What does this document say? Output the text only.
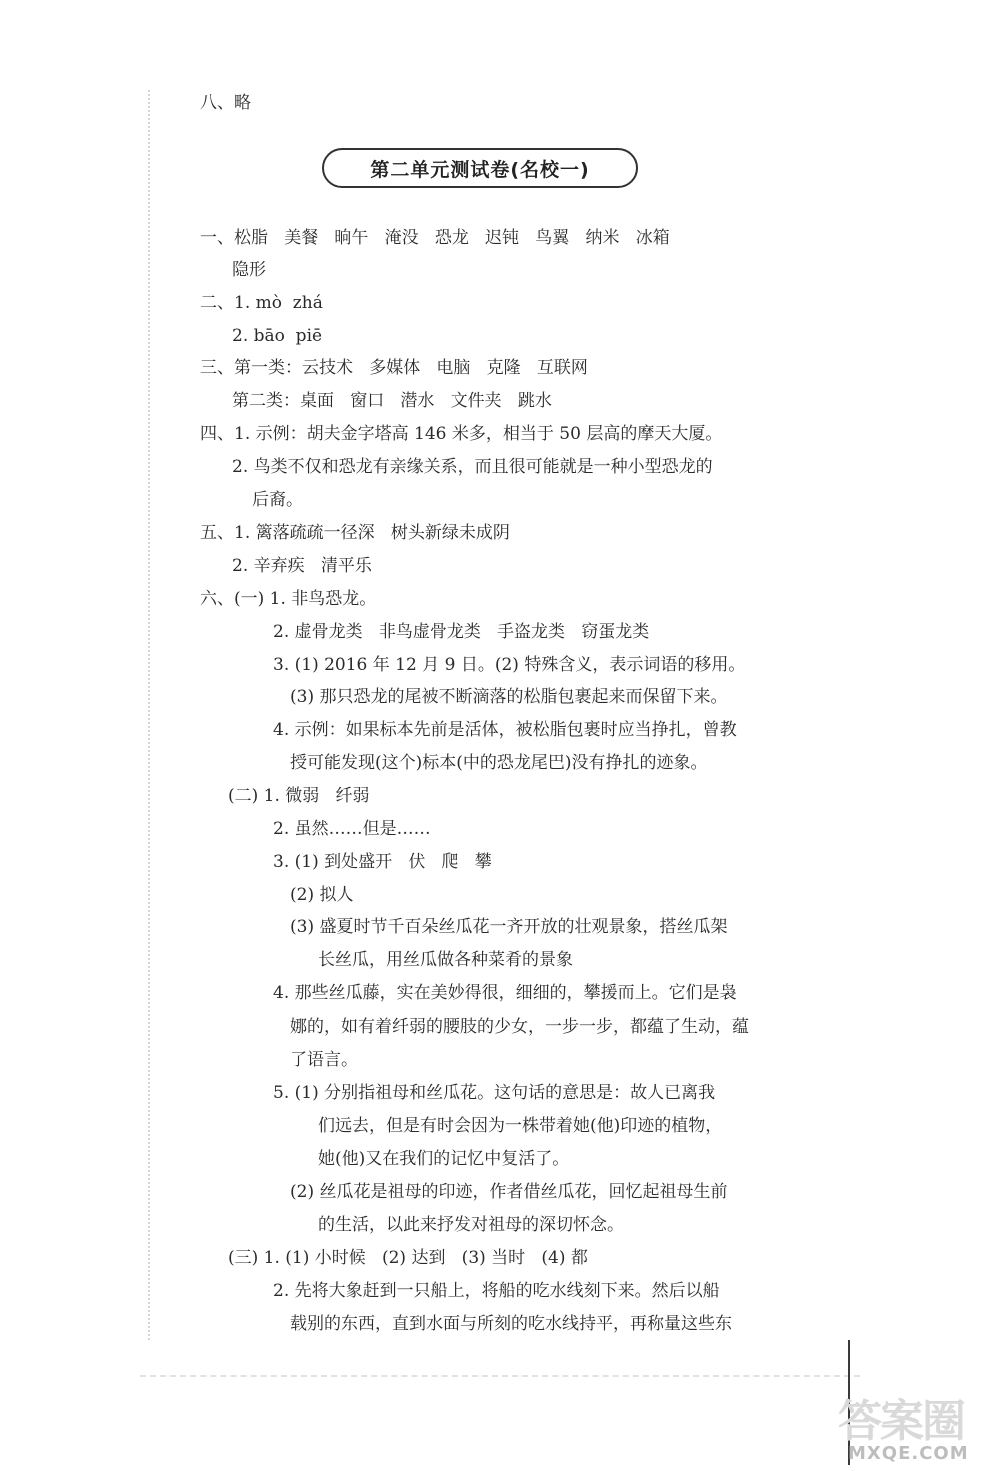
八、略
第二单元测试卷(名校一)
一、松脂   美餐   晌午   淹没   恐龙   迟钝   鸟翼   纳米   冰箱
隐形
二、1. mò  zhá
2. bāo  piē
三、第一类：云技术   多媒体   电脑   克隆   互联网
第二类：桌面   窗口   潜水   文件夹   跳水
四、1. 示例：胡夫金字塔高 146 米多，相当于 50 层高的摩天大厦。
2. 鸟类不仅和恐龙有亲缘关系，而且很可能就是一种小型恐龙的
后裔。
五、1. 篱落疏疏一径深   树头新绿未成阴
2. 辛弃疾   清平乐
六、(一) 1. 非鸟恐龙。
2. 虚骨龙类   非鸟虚骨龙类   手盗龙类   窃蛋龙类
3. (1) 2016 年 12 月 9 日。(2) 特殊含义，表示词语的移用。
(3) 那只恐龙的尾被不断滴落的松脂包裹起来而保留下来。
4. 示例：如果标本先前是活体，被松脂包裹时应当挣扎，曾教
授可能发现(这个)标本(中的恐龙尾巴)没有挣扎的迹象。
(二) 1. 微弱   纤弱
2. 虽然……但是……
3. (1) 到处盛开   伏   爬   攀
(2) 拟人
(3) 盛夏时节千百朵丝瓜花一齐开放的壮观景象，搭丝瓜架
长丝瓜，用丝瓜做各种菜肴的景象
4. 那些丝瓜藤，实在美妙得很，细细的，攀援而上。它们是袅
娜的，如有着纤弱的腰肢的少女，一步一步，都蕴了生动，蕴
了语言。
5. (1) 分别指祖母和丝瓜花。这句话的意思是：故人已离我
们远去，但是有时会因为一株带着她(他)印迹的植物，
她(他)又在我们的记忆中复活了。
(2) 丝瓜花是祖母的印迹，作者借丝瓜花，回忆起祖母生前
的生活，以此来抒发对祖母的深切怀念。
(三) 1. (1) 小时候   (2) 达到   (3) 当时   (4) 都
2. 先将大象赶到一只船上，将船的吃水线刻下来。然后以船
载别的东西，直到水面与所刻的吃水线持平，再称量这些东
答案圈
MXQE.COM
